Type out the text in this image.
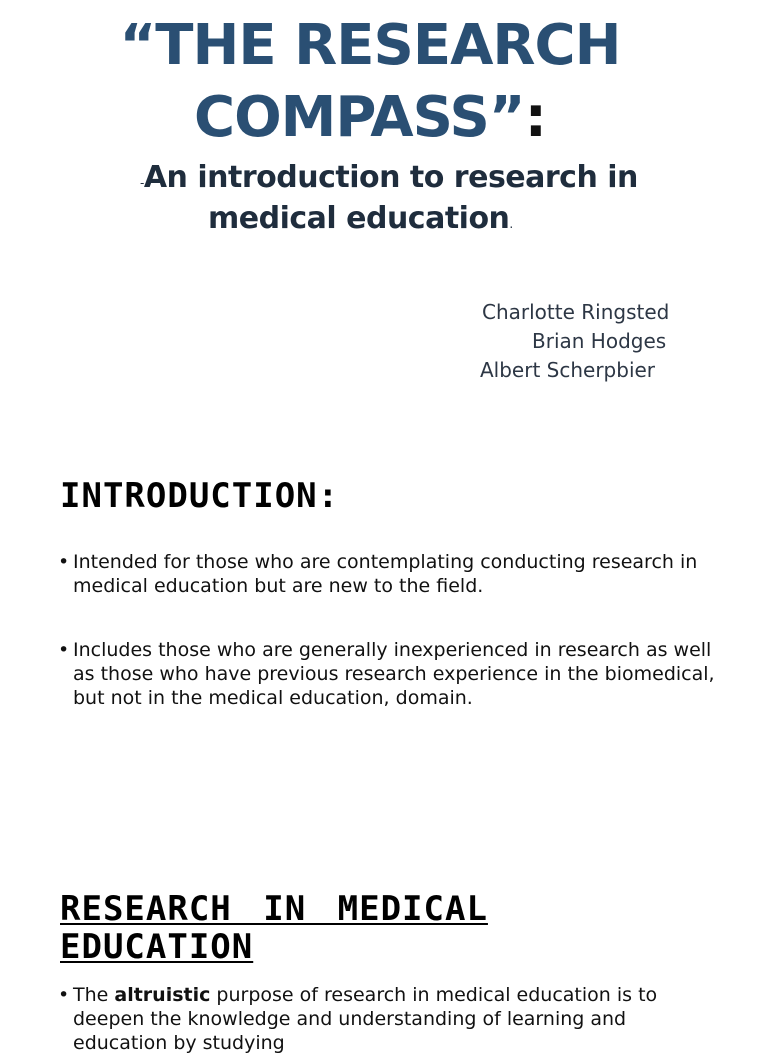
“THE RESEARCH
COMPASS”:
-An introduction to research in
medical education.
Charlotte Ringsted
Brian Hodges
Albert Scherpbier
INTRODUCTION:
• Intended for those who are contemplating conducting research in medical education but are new to the field.
• Includes those who are generally inexperienced in research as well as those who have previous research experience in the biomedical, but not in the medical education, domain.
RESEARCH IN MEDICAL EDUCATION
• The altruistic purpose of research in medical education is to deepen the knowledge and understanding of learning and education by studying
